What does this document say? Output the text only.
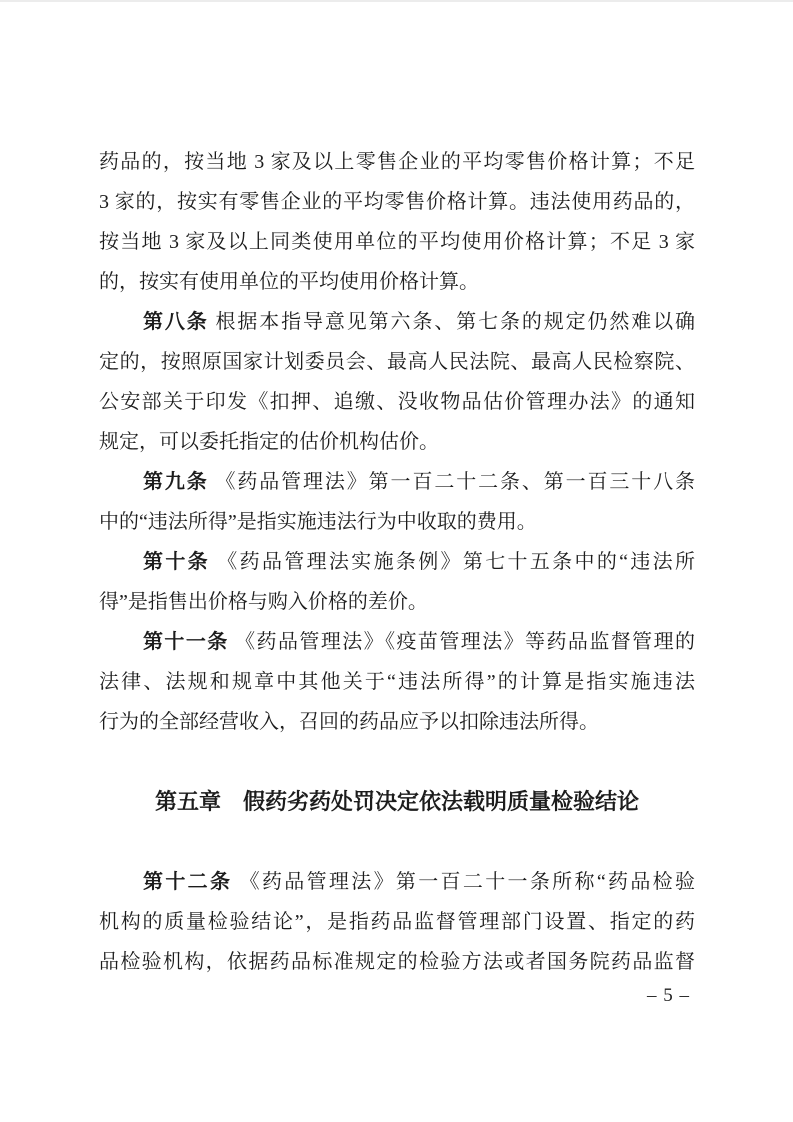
药品的，按当地 3 家及以上零售企业的平均零售价格计算；不足
3 家的，按实有零售企业的平均零售价格计算。违法使用药品的，
按当地 3 家及以上同类使用单位的平均使用价格计算；不足 3 家
的，按实有使用单位的平均使用价格计算。
第八条 根据本指导意见第六条、第七条的规定仍然难以确
定的，按照原国家计划委员会、最高人民法院、最高人民检察院、
公安部关于印发《扣押、追缴、没收物品估价管理办法》的通知
规定，可以委托指定的估价机构估价。
第九条 《药品管理法》第一百二十二条、第一百三十八条
中的“违法所得”是指实施违法行为中收取的费用。
第十条 《药品管理法实施条例》第七十五条中的“违法所
得”是指售出价格与购入价格的差价。
第十一条 《药品管理法》《疫苗管理法》等药品监督管理的
法律、法规和规章中其他关于“违法所得”的计算是指实施违法
行为的全部经营收入，召回的药品应予以扣除违法所得。
第五章　假药劣药处罚决定依法载明质量检验结论
第十二条 《药品管理法》第一百二十一条所称“药品检验
机构的质量检验结论”，是指药品监督管理部门设置、指定的药
品检验机构，依据药品标准规定的检验方法或者国务院药品监督
– 5 –
